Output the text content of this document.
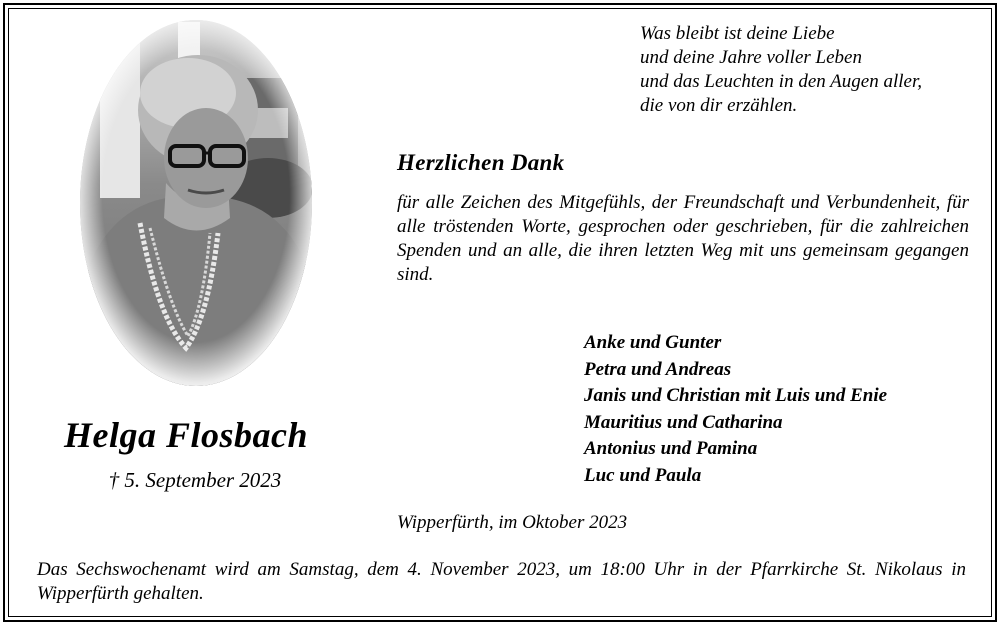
Was bleibt ist deine Liebe
und deine Jahre voller Leben
und das Leuchten in den Augen aller,
die von dir erzählen.
Herzlichen Dank
für alle Zeichen des Mitgefühls, der Freundschaft und Verbundenheit, für alle tröstenden Worte, gesprochen oder geschrieben, für die zahlreichen Spenden und an alle, die ihren letzten Weg mit uns gemeinsam gegangen sind.
Anke und Gunter
Petra und Andreas
Janis und Christian mit Luis und Enie
Mauritius und Catharina
Antonius und Pamina
Luc und Paula
Helga Flosbach
† 5. September 2023
Wipperfürth, im Oktober 2023
Das Sechswochenamt wird am Samstag, dem 4. November 2023, um 18:00 Uhr in der Pfarrkirche St. Nikolaus in Wipperfürth gehalten.
